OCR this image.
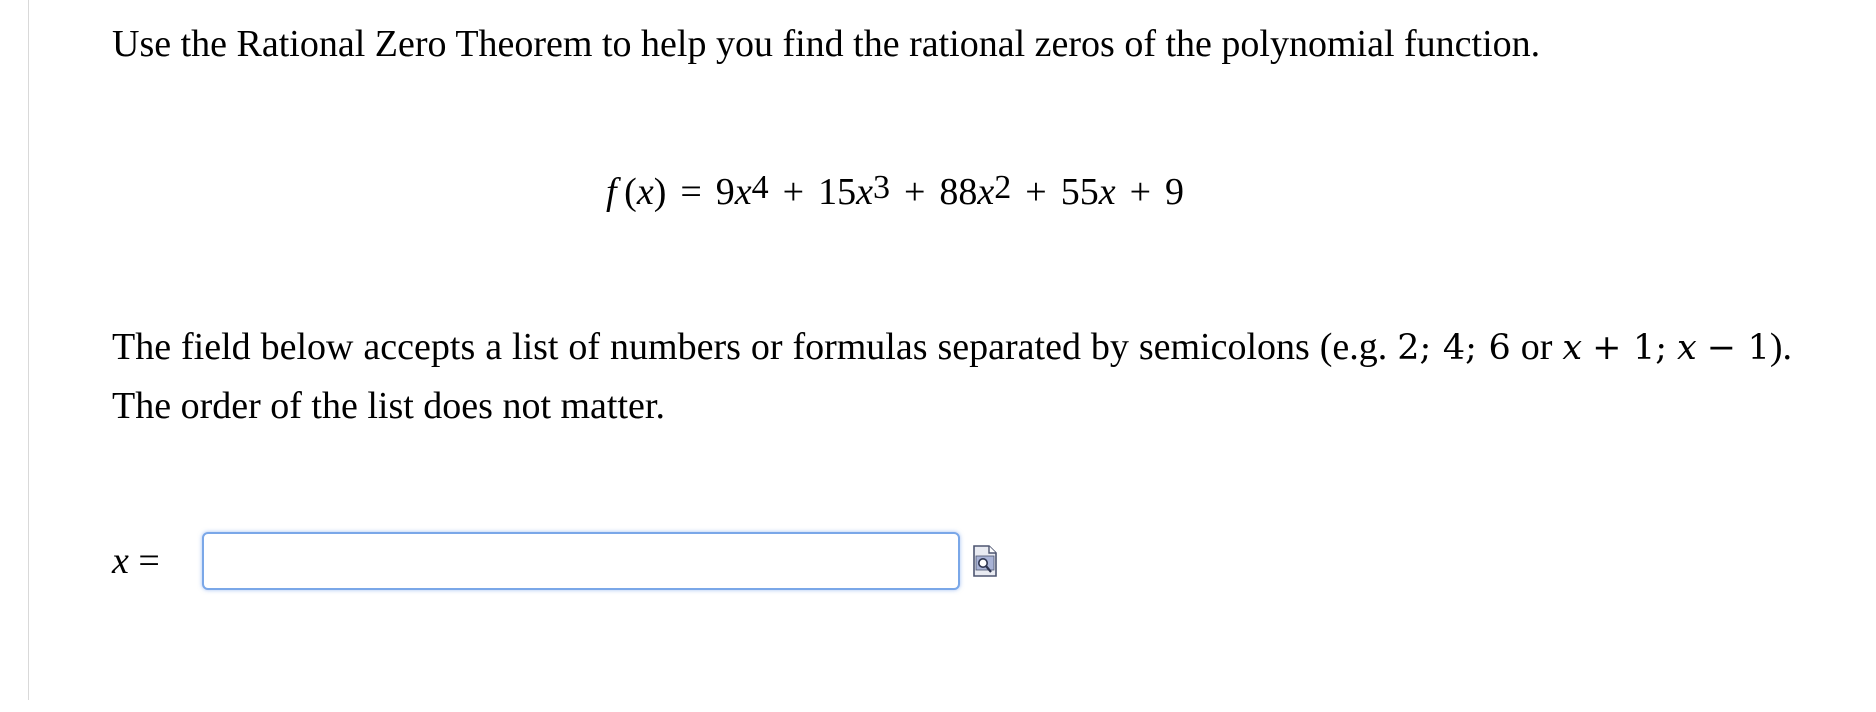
Use the Rational Zero Theorem to help you find the rational zeros of the polynomial function.

f  ( x ) = 9 $x^4 + 15$ $x^3 + 88$ $x^2 + 55$ x + 9
The field below accepts a list of numbers or formulas separated by semicolons (e.g. 2; 4; 6 or x + 1; x − 1). The order of the list does not matter.
x =
